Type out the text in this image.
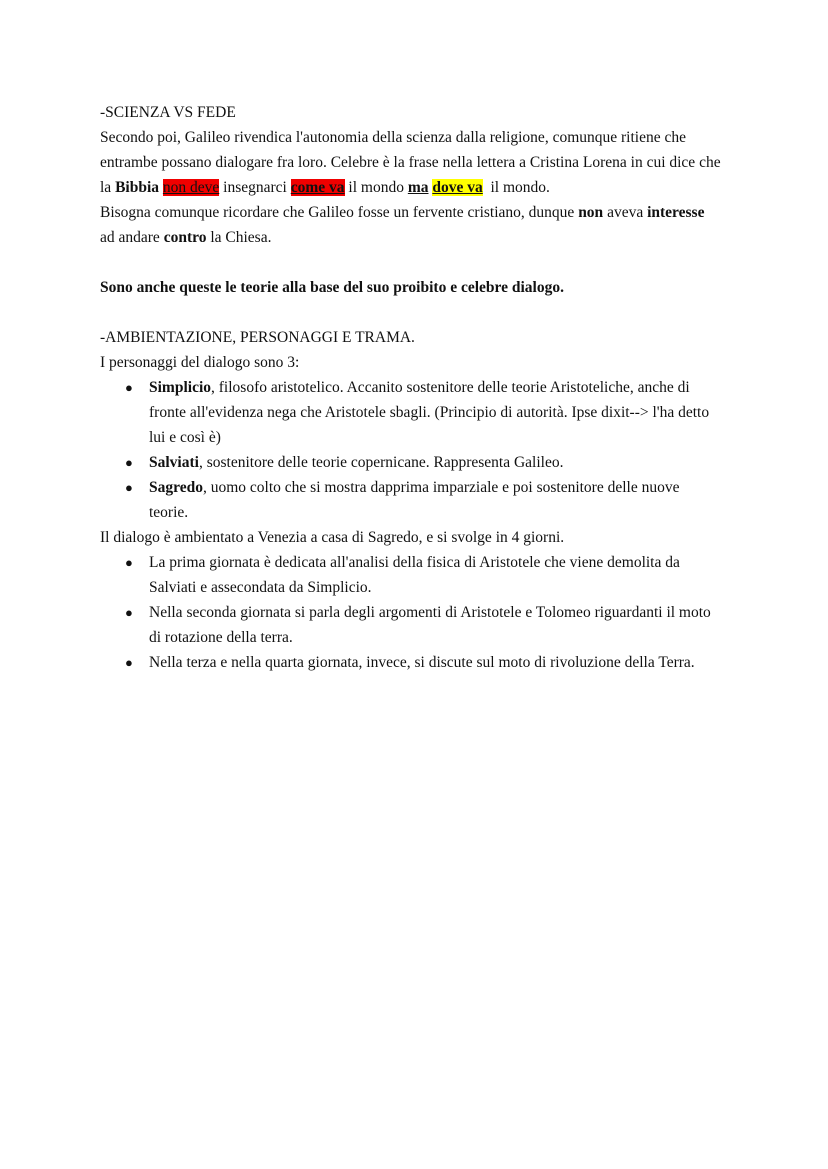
-SCIENZA VS FEDE
Secondo poi, Galileo rivendica l'autonomia della scienza dalla religione, comunque ritiene che
entrambe possano dialogare fra loro. Celebre è la frase nella lettera a Cristina Lorena in cui dice che
la Bibbia non deve insegnarci come va il mondo ma dove va  il mondo.
Bisogna comunque ricordare che Galileo fosse un fervente cristiano, dunque non aveva interesse
ad andare contro la Chiesa.
Sono anche queste le teorie alla base del suo proibito e celebre dialogo.
-AMBIENTAZIONE, PERSONAGGI E TRAMA.
I personaggi del dialogo sono 3:
● Simplicio, filosofo aristotelico. Accanito sostenitore delle teorie Aristoteliche, anche di
fronte all'evidenza nega che Aristotele sbagli. (Principio di autorità. Ipse dixit--> l'ha detto
lui e così è)
● Salviati, sostenitore delle teorie copernicane. Rappresenta Galileo.
● Sagredo, uomo colto che si mostra dapprima imparziale e poi sostenitore delle nuove
teorie.
Il dialogo è ambientato a Venezia a casa di Sagredo, e si svolge in 4 giorni.
● La prima giornata è dedicata all'analisi della fisica di Aristotele che viene demolita da
Salviati e assecondata da Simplicio.
● Nella seconda giornata si parla degli argomenti di Aristotele e Tolomeo riguardanti il moto
di rotazione della terra.
● Nella terza e nella quarta giornata, invece, si discute sul moto di rivoluzione della Terra.
